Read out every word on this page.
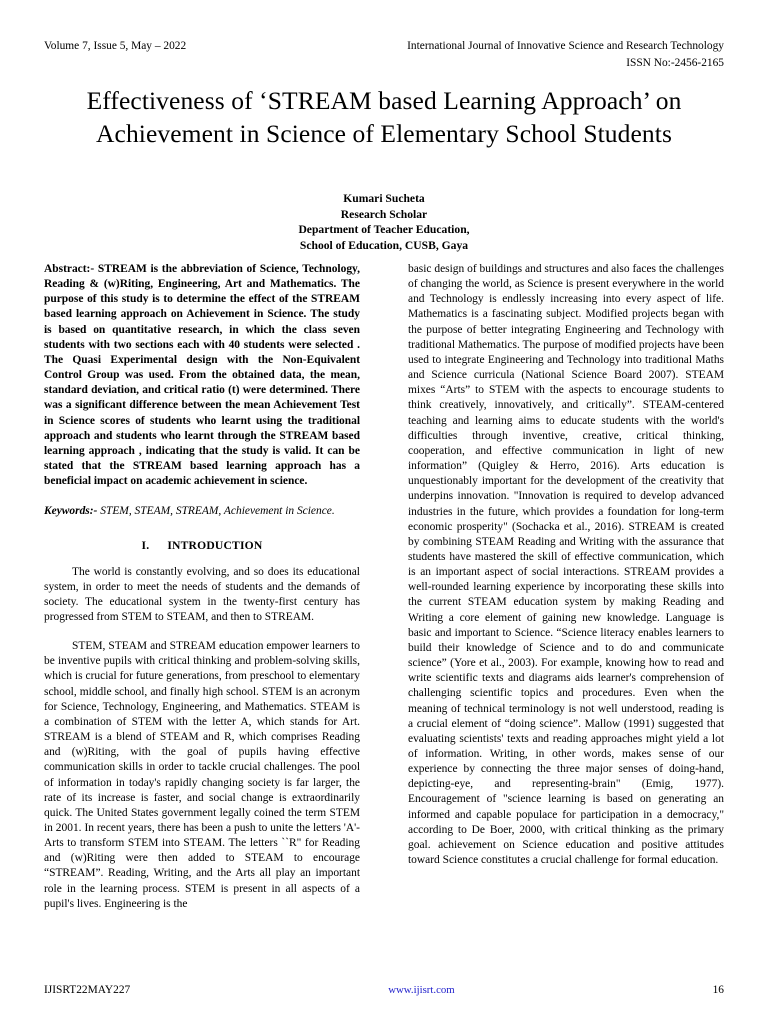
Volume 7, Issue 5, May – 2022	International Journal of Innovative Science and Research Technology
ISSN No:-2456-2165
Effectiveness of ‘STREAM based Learning Approach’ on Achievement in Science of Elementary School Students
Kumari Sucheta
Research Scholar
Department of Teacher Education,
School of Education, CUSB, Gaya

Abstract:- STREAM is the abbreviation of Science, Technology, Reading & (w)Riting, Engineering, Art and Mathematics. The purpose of this study is to determine the effect of the STREAM based learning approach on Achievement in Science. The study is based on quantitative research, in which the class seven students with two sections each with 40 students were selected . The Quasi Experimental design with the Non-Equivalent Control Group was used. From the obtained data, the mean, standard deviation, and critical ratio (t) were determined. There was a significant difference between the mean Achievement Test in Science scores of students who learnt using the traditional approach and students who learnt through the STREAM based learning approach , indicating that the study is valid. It can be stated that the STREAM based learning approach has a beneficial impact on academic achievement in science.

Keywords:- STEM, STEAM, STREAM, Achievement in Science.

I. INTRODUCTION

The world is constantly evolving, and so does its educational system, in order to meet the needs of students and the demands of society. The educational system in the twenty-first century has progressed from STEM to STEAM, and then to STREAM.

STEM, STEAM and STREAM education empower learners to be inventive pupils with critical thinking and problem-solving skills, which is crucial for future generations, from preschool to elementary school, middle school, and finally high school. STEM is an acronym for Science, Technology, Engineering, and Mathematics. STEAM is a combination of STEM with the letter A, which stands for Art. STREAM is a blend of STEAM and R, which comprises Reading and (w)Riting, with the goal of pupils having effective communication skills in order to tackle crucial challenges. The pool of information in today's rapidly changing society is far larger, the rate of its increase is faster, and social change is extraordinarily quick. The United States government legally coined the term STEM in 2001. In recent years, there has been a push to unite the letters 'A'-Arts to transform STEM into STEAM. The letters ``R" for Reading and (w)Riting were then added to STEAM to encourage “STREAM”. Reading, Writing, and the Arts all play an important role in the learning process. STEM is present in all aspects of a pupil's lives. Engineering is the

basic design of buildings and structures and also faces the challenges of changing the world, as Science is present everywhere in the world and Technology is endlessly increasing into every aspect of life. Mathematics is a fascinating subject. Modified projects began with the purpose of better integrating Engineering and Technology with traditional Mathematics. The purpose of modified projects have been used to integrate Engineering and Technology into traditional Maths and Science curricula (National Science Board 2007). STEAM mixes “Arts” to STEM with the aspects to encourage students to think creatively, innovatively, and critically”. STEAM-centered teaching and learning aims to educate students with the world's difficulties through inventive, creative, critical thinking, cooperation, and effective communication in light of new information” (Quigley & Herro, 2016). Arts education is unquestionably important for the development of the creativity that underpins innovation. "Innovation is required to develop advanced industries in the future, which provides a foundation for long-term economic prosperity" (Sochacka et al., 2016). STREAM is created by combining STEAM Reading and Writing with the assurance that students have mastered the skill of effective communication, which is an important aspect of social interactions. STREAM provides a well-rounded learning experience by incorporating these skills into the current STEAM education system by making Reading and Writing a core element of gaining new knowledge. Language is basic and important to Science. “Science literacy enables learners to build their knowledge of Science and to do and communicate science” (Yore et al., 2003). For example, knowing how to read and write scientific texts and diagrams aids learner's comprehension of challenging scientific topics and procedures. Even when the meaning of technical terminology is not well understood, reading is a crucial element of “doing science”. Mallow (1991) suggested that evaluating scientists' texts and reading approaches might yield a lot of information. Writing, in other words, makes sense of our experience by connecting the three major senses of doing-hand, depicting-eye, and representing-brain" (Emig, 1977). Encouragement of "science learning is based on generating an informed and capable populace for participation in a democracy," according to De Boer, 2000, with critical thinking as the primary goal. achievement on Science education and positive attitudes toward Science constitutes a crucial challenge for formal education.

IJISRT22MAY227	www.ijisrt.com	16
